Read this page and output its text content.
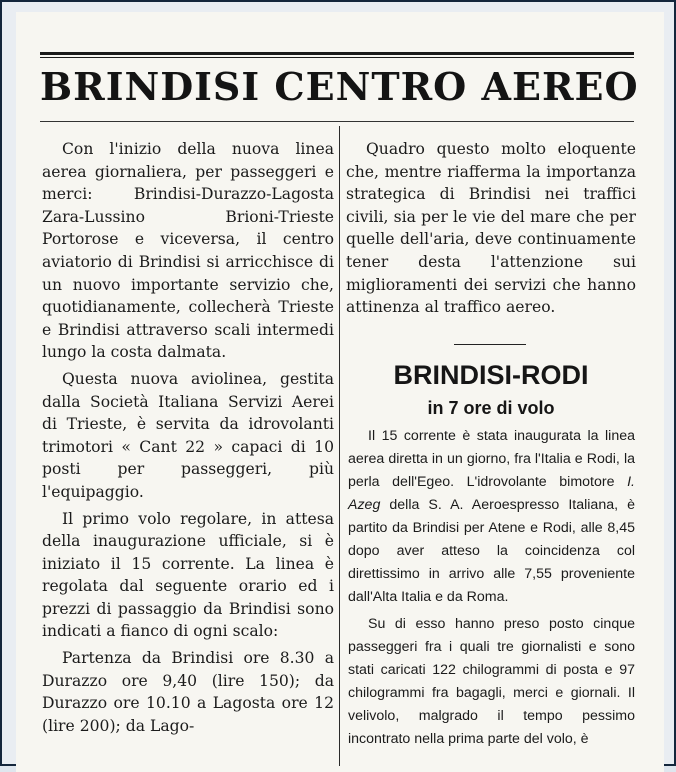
BRINDISI CENTRO AEREO

Con l'inizio della nuova linea aerea giornaliera, per passeggeri e merci: Brindisi-Durazzo-Lagosta Zara-Lussino Brioni-Trieste Portorose e viceversa, il centro aviatorio di Brindisi si arricchisce di un nuovo importante servizio che, quotidianamente, collecherà Trieste e Brindisi attraverso scali intermedi lungo la costa dalmata.

Questa nuova aviolinea, gestita dalla Società Italiana Servizi Aerei di Trieste, è servita da idrovolanti trimotori « Cant 22 » capaci di 10 posti per passeggeri, più l'equipaggio.

Il primo volo regolare, in attesa della inaugurazione ufficiale, si è iniziato il 15 corrente. La linea è regolata dal seguente orario ed i prezzi di passaggio da Brindisi sono indicati a fianco di ogni scalo:

Partenza da Brindisi ore 8.30 a Durazzo ore 9,40 (lire 150); da Durazzo ore 10.10 a Lagosta ore 12 (lire 200); da Lago-

Quadro questo molto eloquente che, mentre riafferma la importanza strategica di Brindisi nei traffici civili, sia per le vie del mare che per quelle dell'aria, deve continuamente tener desta l'attenzione sui miglioramenti dei servizi che hanno attinenza al traffico aereo.

BRINDISI-RODI
in 7 ore di volo

Il 15 corrente è stata inaugurata la linea aerea diretta in un giorno, fra l'Italia e Rodi, la perla dell'Egeo. L'idrovolante bimotore I. Azeg della S. A. Aeroespresso Italiana, è partito da Brindisi per Atene e Rodi, alle 8,45 dopo aver atteso la coincidenza col direttissimo in arrivo alle 7,55 proveniente dall'Alta Italia e da Roma.

Su di esso hanno preso posto cinque passeggeri fra i quali tre giornalisti e sono stati caricati 122 chilogrammi di posta e 97 chilogrammi fra bagagli, merci e giornali. Il velivolo, malgrado il tempo pessimo incontrato nella prima parte del volo, è
